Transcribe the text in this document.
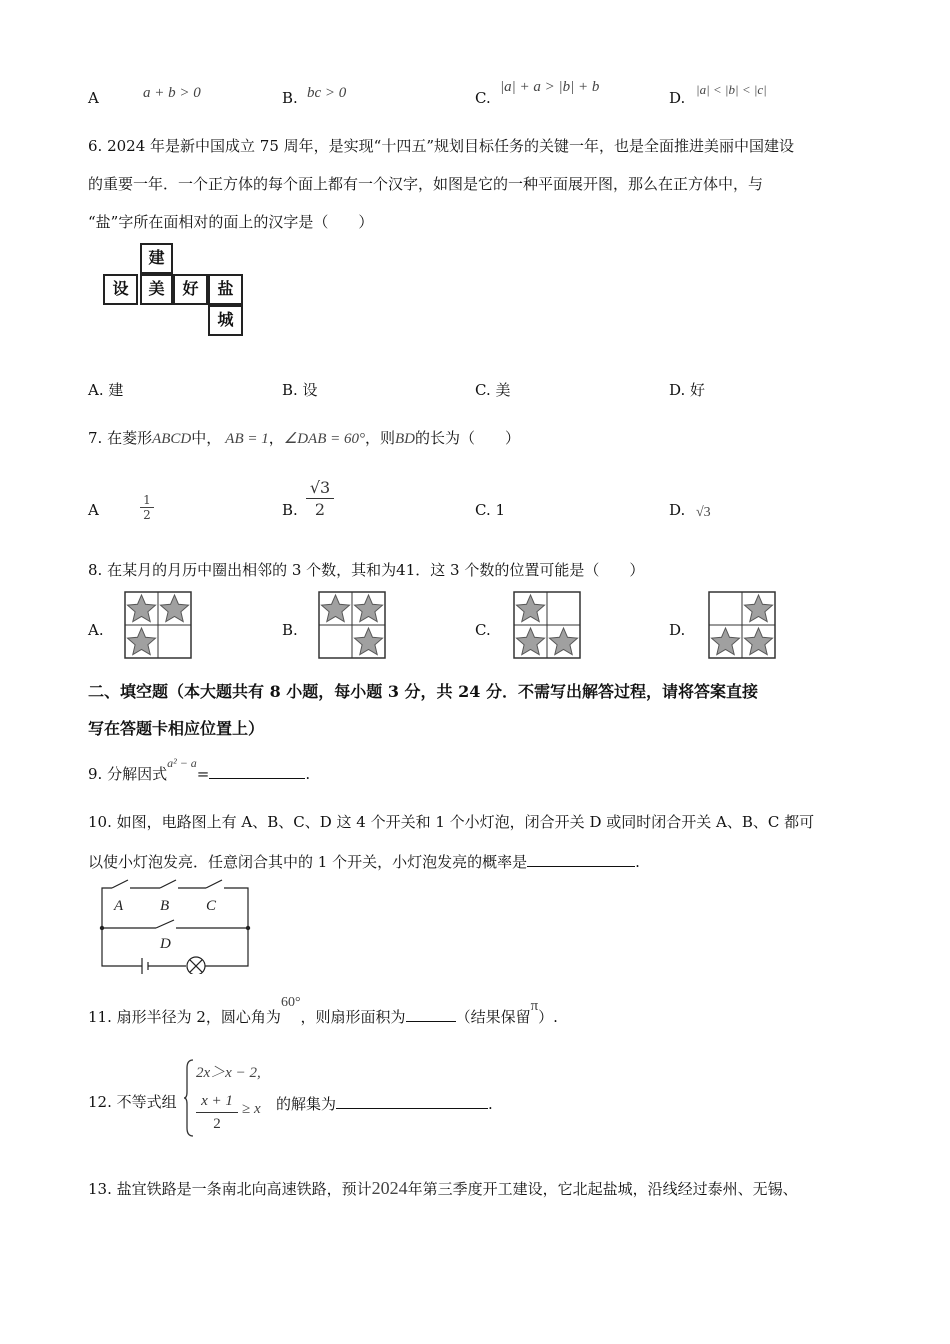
A	a + b > 0	B. bc > 0	C.
|a| + a > |b| + b
D. |a| < |b| < |c|
6. 2024 年是新中国成立 75 周年，是实现“十四五”规划目标任务的关键一年，也是全面推进美丽中国建设
的重要一年．一个正方体的每个面上都有一个汉字，如图是它的一种平面展开图，那么在正方体中，与
“盐”字所在面相对的面上的汉字是（　　）
建
设	美	好	盐
城
A. 建	B. 设	C. 美	D. 好
7. 在菱形ABCD中， AB = 1，∠DAB = 60°，则BD的长为（　　）
A	$\frac{1}{2}$	B. $\frac{√3}{2}$	C. 1	D. √3
8. 在某月的月历中圈出相邻的 3 个数，其和为41．这 3 个数的位置可能是（　　）
A.	B.	C.	D.
二、填空题（本大题共有 8 小题，每小题 3 分，共 24 分．不需写出解答过程，请将答案直接
写在答题卡相应位置上）
9. 分解因式$^{a^2 - a}$=	.
10. 如图，电路图上有 A、B、C、D 这 4 个开关和 1 个小灯泡，闭合开关 D 或同时闭合开关 A、B、C 都可
以使小灯泡发亮．任意闭合其中的 1 个开关，小灯泡发亮的概率是	.
A B C
D
11. 扇形半径为 2，圆心角为60°，则扇形面积为	（结果保留π）.
12. 不等式组
2x＞x − 2,
$\frac{x + 1}{2} \ge x$ 的解集为	.
13. 盐宜铁路是一条南北向高速铁路，预计2024年第三季度开工建设，它北起盐城，沿线经过泰州、无锡、
